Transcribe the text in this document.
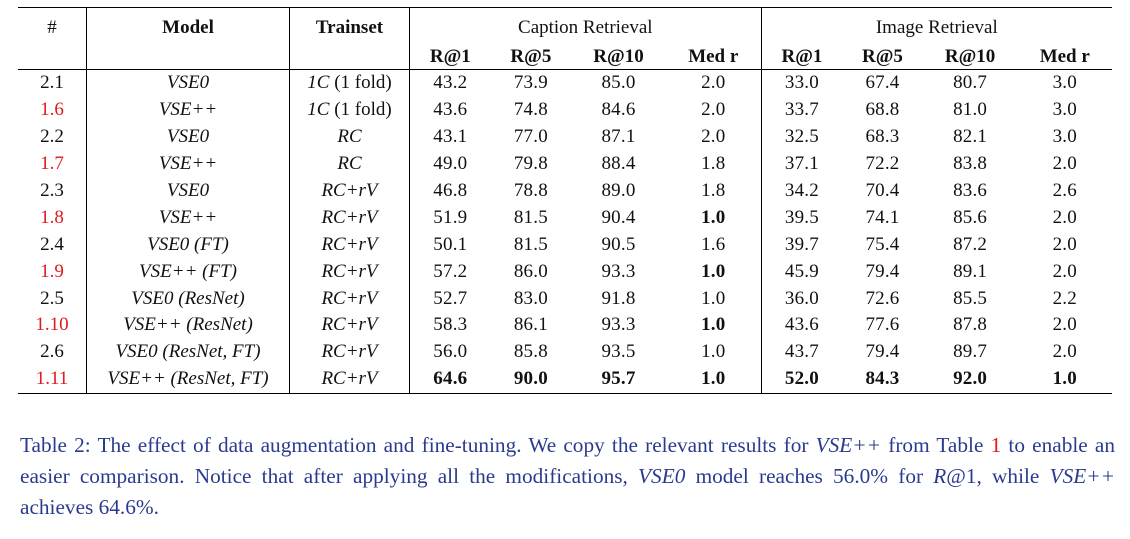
#	Model	Trainset	Caption Retrieval				Image Retrieval			
			R@1	R@5	R@10	Med r	R@1	R@5	R@10	Med r
2.1	VSE0	1C (1 fold)	43.2	73.9	85.0	2.0	33.0	67.4	80.7	3.0
1.6	VSE++	1C (1 fold)	43.6	74.8	84.6	2.0	33.7	68.8	81.0	3.0
2.2	VSE0	RC	43.1	77.0	87.1	2.0	32.5	68.3	82.1	3.0
1.7	VSE++	RC	49.0	79.8	88.4	1.8	37.1	72.2	83.8	2.0
2.3	VSE0	RC+rV	46.8	78.8	89.0	1.8	34.2	70.4	83.6	2.6
1.8	VSE++	RC+rV	51.9	81.5	90.4	1.0	39.5	74.1	85.6	2.0
2.4	VSE0 (FT)	RC+rV	50.1	81.5	90.5	1.6	39.7	75.4	87.2	2.0
1.9	VSE++ (FT)	RC+rV	57.2	86.0	93.3	1.0	45.9	79.4	89.1	2.0
2.5	VSE0 (ResNet)	RC+rV	52.7	83.0	91.8	1.0	36.0	72.6	85.5	2.2
1.10	VSE++ (ResNet)	RC+rV	58.3	86.1	93.3	1.0	43.6	77.6	87.8	2.0
2.6	VSE0 (ResNet, FT)	RC+rV	56.0	85.8	93.5	1.0	43.7	79.4	89.7	2.0
1.11	VSE++ (ResNet, FT)	RC+rV	64.6	90.0	95.7	1.0	52.0	84.3	92.0	1.0
Table 2: The effect of data augmentation and fine-tuning. We copy the relevant results for VSE++ from Table 1 to enable an easier comparison. Notice that after applying all the modifications, VSE0 model reaches 56.0% for R@1, while VSE++ achieves 64.6%.
